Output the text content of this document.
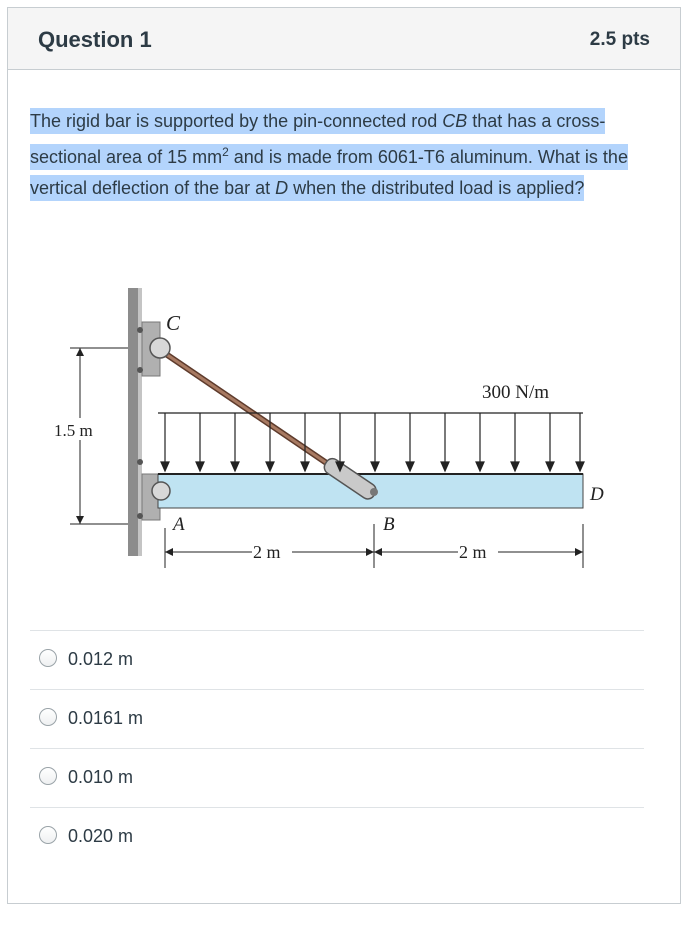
Question 1	2.5 pts
The rigid bar is supported by the pin-connected rod CB that has a cross-sectional area of 15 $mm^2$ and is made from 6061-T6 aluminum. What is the vertical deflection of the bar at D when the distributed load is applied?
C
A	B
D
300 N/m
1.5 m
2 m	2 m
0.012 m
0.0161 m
0.010 m
0.020 m
